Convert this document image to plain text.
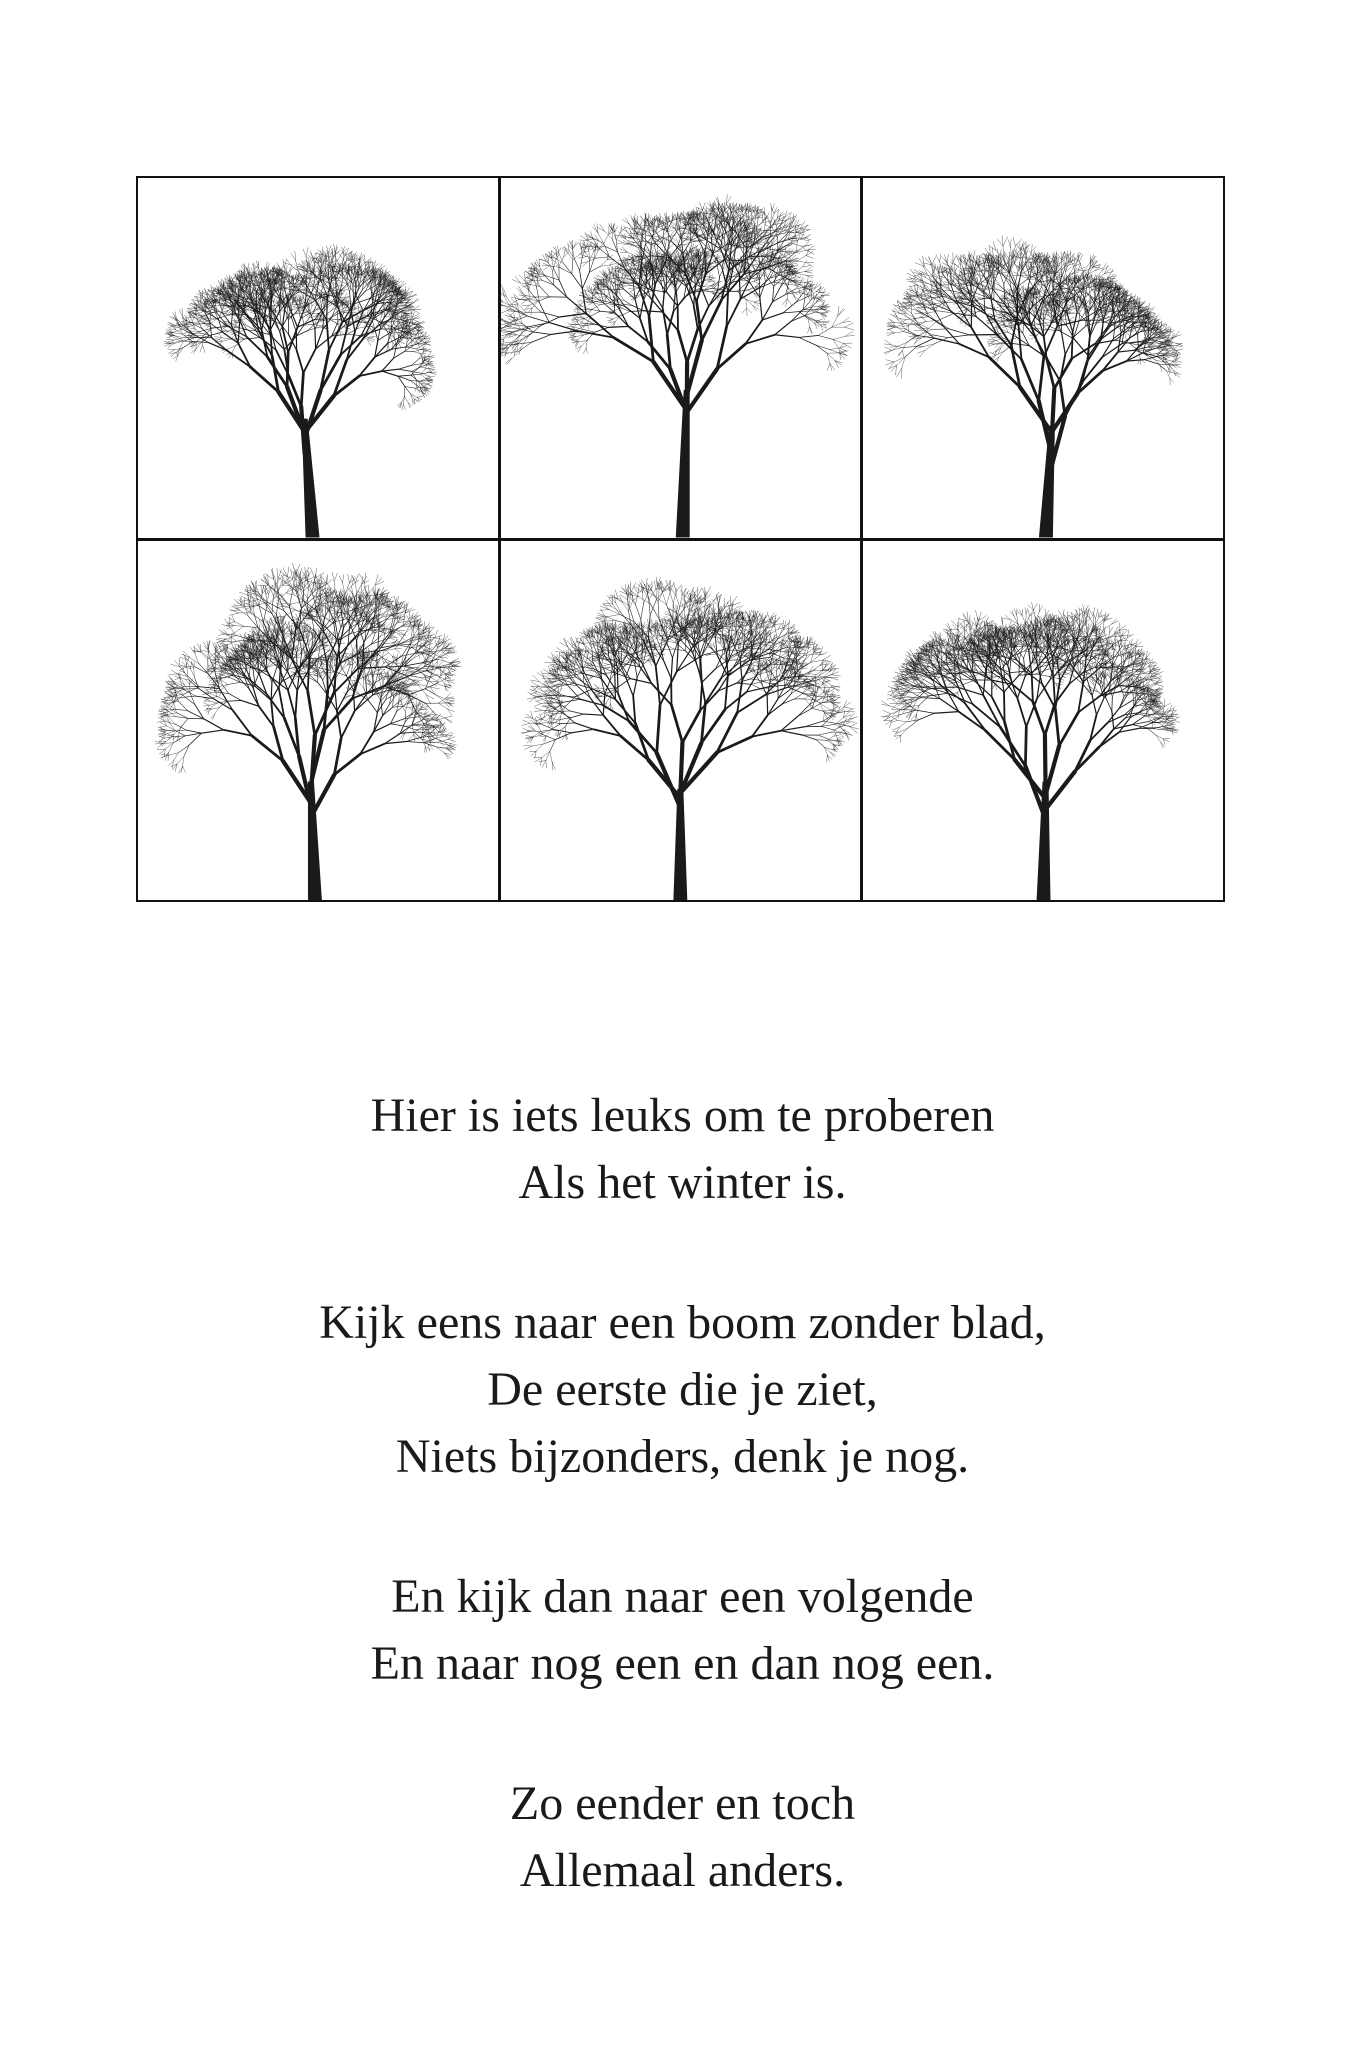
Hier is iets leuks om te proberen
Als het winter is.
Kijk eens naar een boom zonder blad,
De eerste die je ziet,
Niets bijzonders, denk je nog.
En kijk dan naar een volgende
En naar nog een en dan nog een.
Zo eender en toch
Allemaal anders.
